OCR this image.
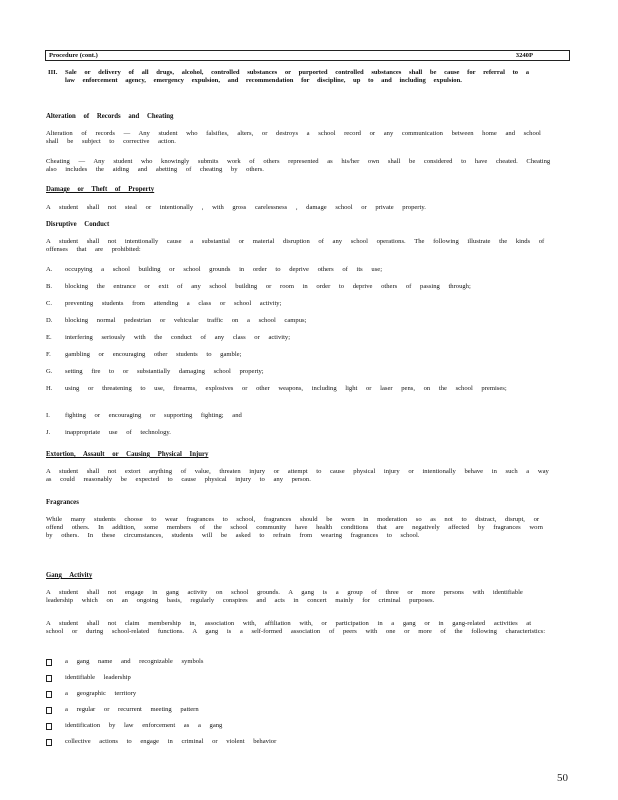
Procedure (cont.)	3240P
III. Sale or delivery of all drugs, alcohol, controlled substances or purported controlled substances shall be cause for referral to a law enforcement agency, emergency expulsion, and recommendation for discipline, up to and including expulsion.
Alteration of Records and Cheating
Alteration of records — Any student who falsifies, alters, or destroys a school record or any communication between home and school shall be subject to corrective action.
Cheating — Any student who knowingly submits work of others represented as his/her own shall be considered to have cheated. Cheating also includes the aiding and abetting of cheating by others.
Damage or Theft of Property
A student shall not steal or intentionally , with gross carelessness , damage school or private property.
Disruptive Conduct
A student shall not intentionally cause a substantial or material disruption of any school operations. The following illustrate the kinds of offenses that are prohibited:
A. occupying a school building or school grounds in order to deprive others of its use;
B. blocking the entrance or exit of any school building or room in order to deprive others of passing through;
C. preventing students from attending a class or school activity;
D. blocking normal pedestrian or vehicular traffic on a school campus;
E. interfering seriously with the conduct of any class or activity;
F. gambling or encouraging other students to gamble;
G. setting fire to or substantially damaging school property;
H. using or threatening to use, firearms, explosives or other weapons, including light or laser pens, on the school premises;
I. fighting or encouraging or supporting fighting; and
J. inappropriate use of technology.
Extortion, Assault or Causing Physical Injury
A student shall not extort anything of value, threaten injury or attempt to cause physical injury or intentionally behave in such a way as could reasonably be expected to cause physical injury to any person.
Fragrances
While many students choose to wear fragrances to school, fragrances should be worn in moderation so as not to distract, disrupt, or offend others. In addition, some members of the school community have health conditions that are negatively affected by fragrances worn by others. In these circumstances, students will be asked to refrain from wearing fragrances to school.
Gang Activity
A student shall not engage in gang activity on school grounds. A gang is a group of three or more persons with identifiable leadership which on an ongoing basis, regularly conspires and acts in concert mainly for criminal purposes.
A student shall not claim membership in, association with, affiliation with, or participation in a gang or in gang-related activities at school or during school-related functions. A gang is a self-formed association of peers with one or more of the following characteristics:
a gang name and recognizable symbols
identifiable leadership
a geographic territory
a regular or recurrent meeting pattern
identification by law enforcement as a gang
collective actions to engage in criminal or violent behavior
50
